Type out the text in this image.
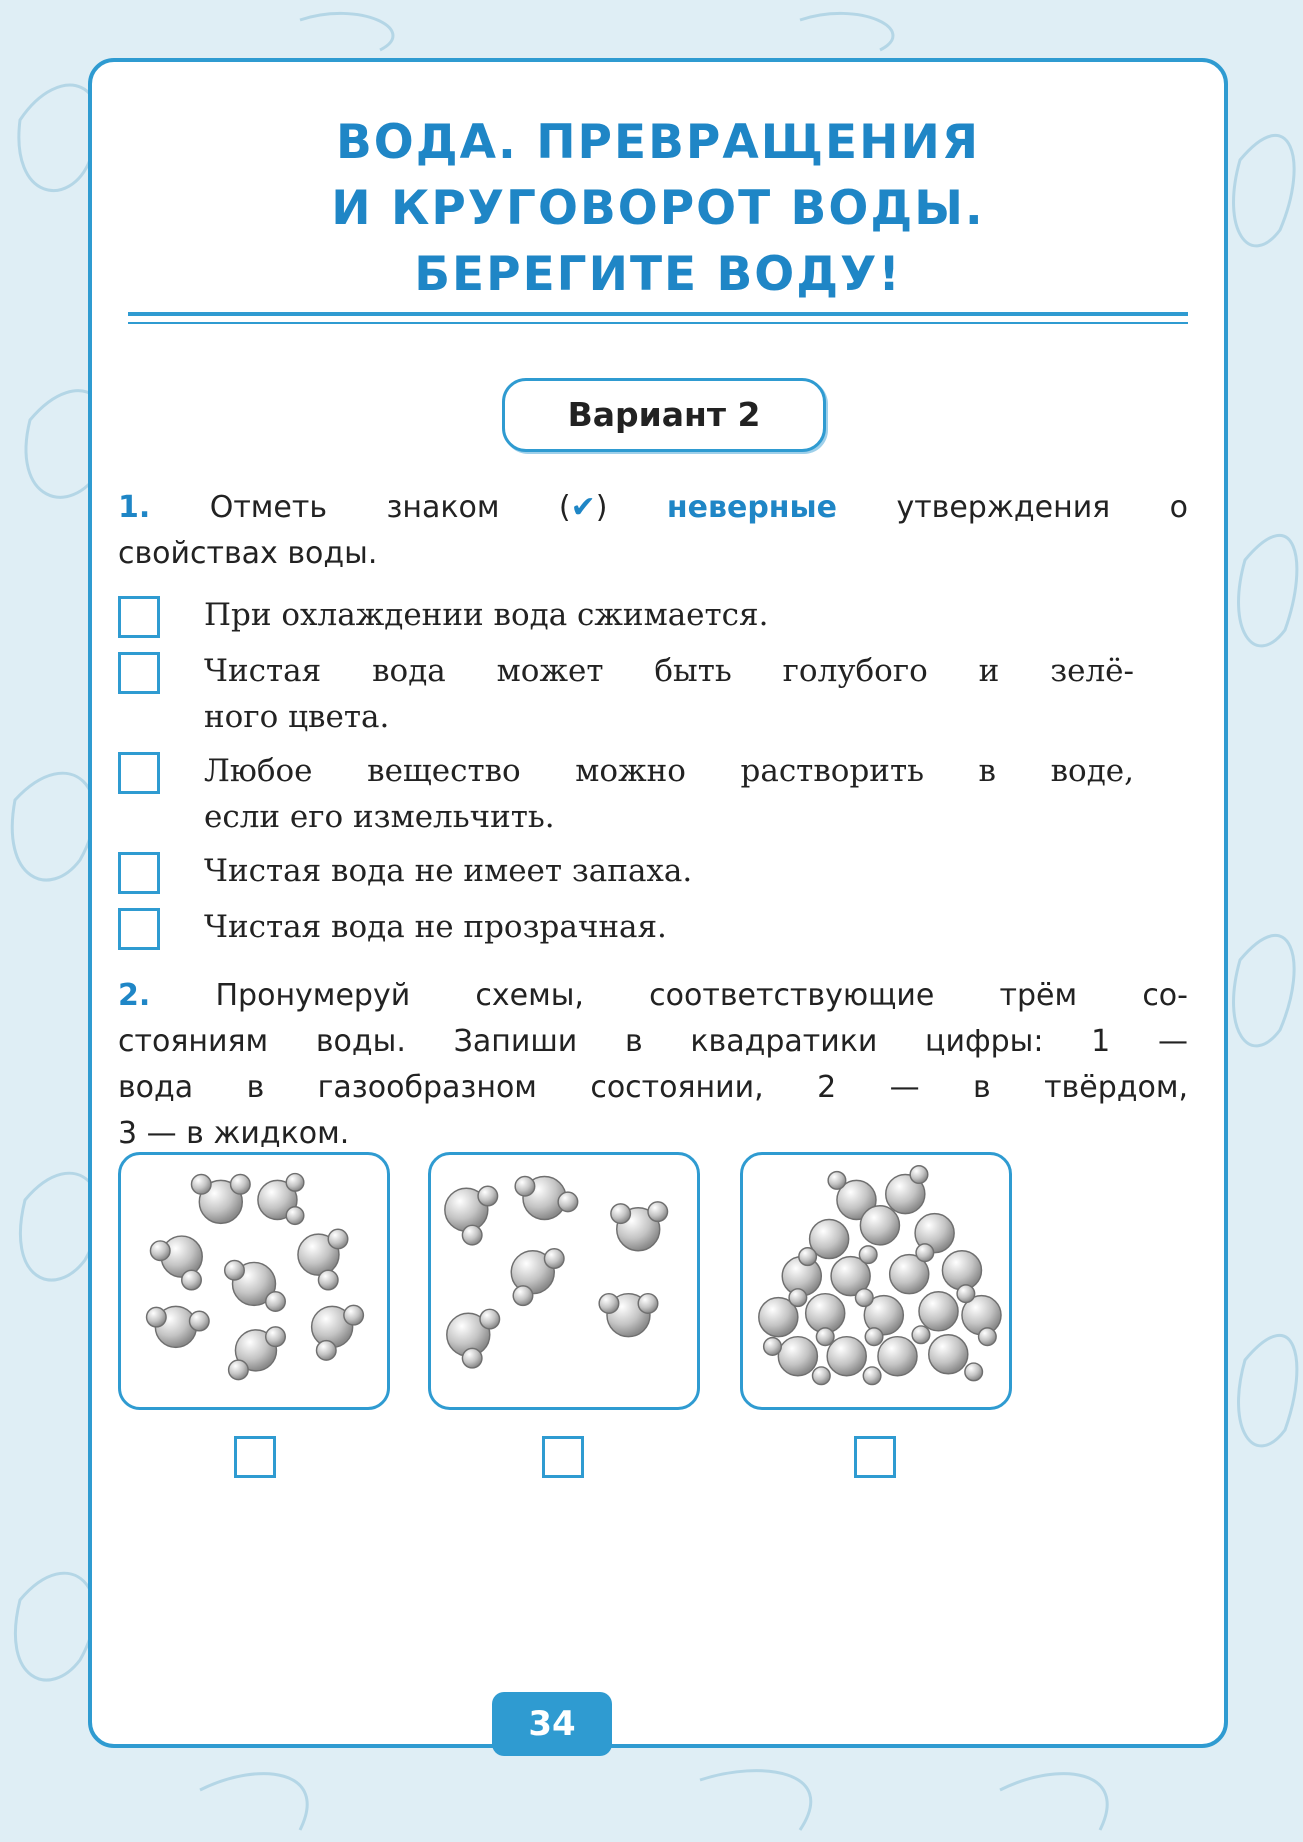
ВОДА. ПРЕВРАЩЕНИЯ
И КРУГОВОРОТ ВОДЫ.
БЕРЕГИТЕ ВОДУ!
Вариант 2
1. Отметь знаком (✔) неверные утверждения о
свойствах воды.
При охлаждении вода сжимается.
Чистая вода может быть голубого и зелё-
ного цвета.
Любое вещество можно растворить в воде,
если его измельчить.
Чистая вода не имеет запаха.
Чистая вода не прозрачная.
2. Пронумеруй схемы, соответствующие трём со-
стояниям воды. Запиши в квадратики цифры: 1 —
вода в газообразном состоянии, 2 — в твёрдом,
3 — в жидком.
34
